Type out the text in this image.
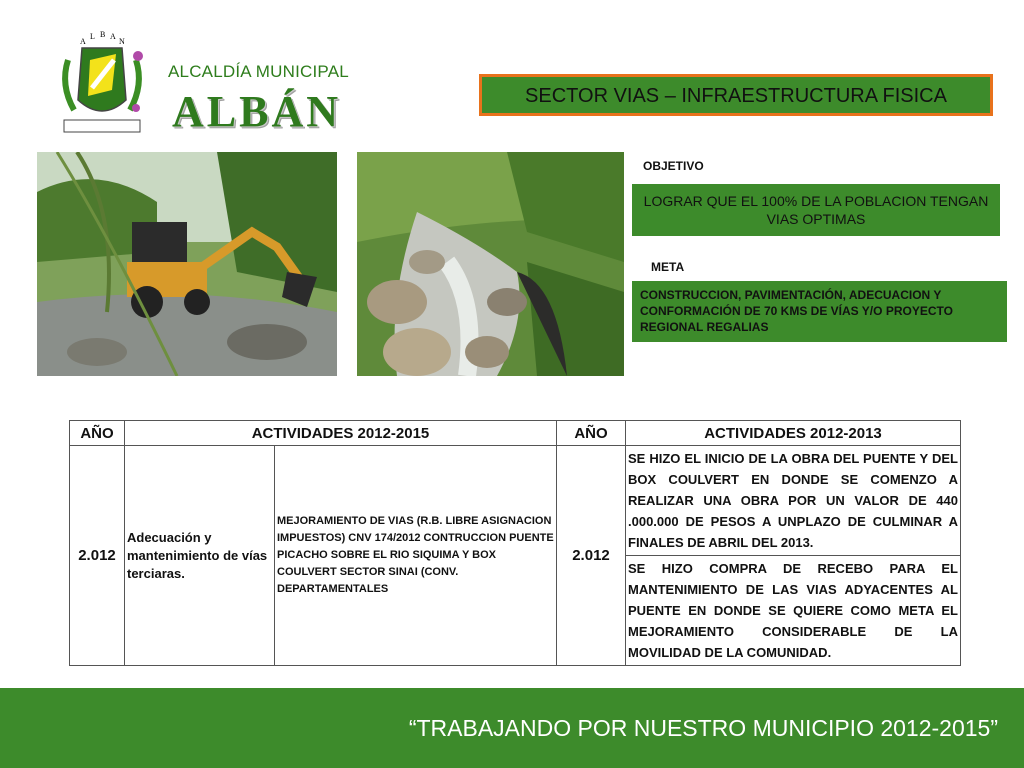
A
L B A
N
ALCALDÍA MUNICIPAL
ALBÁN	SECTOR VIAS – INFRAESTRUCTURA FISICA
OBJETIVO
LOGRAR QUE EL 100% DE LA POBLACION TENGAN VIAS OPTIMAS
META
CONSTRUCCION, PAVIMENTACIÓN, ADECUACION Y CONFORMACIÓN DE 70 KMS DE VÍAS Y/O PROYECTO REGIONAL REGALIAS
AÑO	ACTIVIDADES 2012-2015		AÑO	ACTIVIDADES 2012-2013
2.012	Adecuación y mantenimiento de vías terciaras.	MEJORAMIENTO DE VIAS (R.B. LIBRE ASIGNACION IMPUESTOS) CNV 174/2012 CONTRUCCION PUENTE PICACHO SOBRE EL RIO SIQUIMA Y BOX COULVERT SECTOR SINAI (CONV. DEPARTAMENTALES	2.012	SE HIZO EL INICIO DE LA OBRA DEL PUENTE Y DEL BOX COULVERT EN DONDE SE COMENZO A REALIZAR UNA OBRA POR UN VALOR DE 440 .000.000 DE PESOS A UNPLAZO DE CULMINAR A FINALES DE ABRIL DEL 2013.
				SE HIZO COMPRA DE RECEBO PARA EL MANTENIMIENTO DE LAS VIAS ADYACENTES AL PUENTE EN DONDE SE QUIERE COMO META EL MEJORAMIENTO CONSIDERABLE DE LA MOVILIDAD DE LA COMUNIDAD.
“TRABAJANDO POR NUESTRO MUNICIPIO 2012-2015”
